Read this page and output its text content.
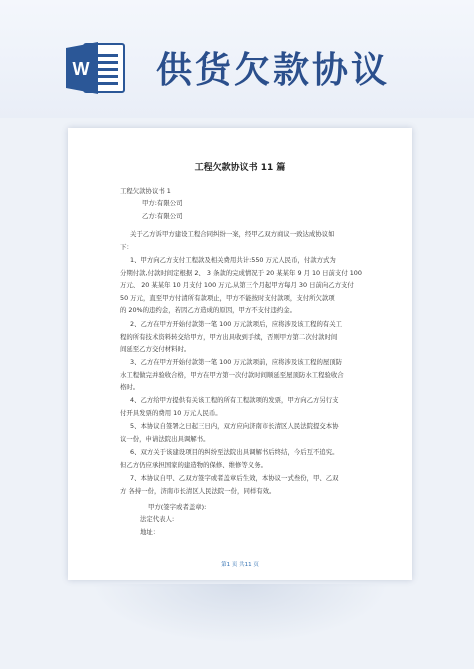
W 供货欠款协议
工程欠款协议书 11 篇
工程欠款协议书 1
甲方:有限公司
乙方:有限公司
关于乙方诉甲方建设工程合同纠纷一案，经甲乙双方商议一致达成协议如
下：
1、甲方向乙方支付工程款及相关费用共计:550 万元人民币，付款方式为
分期付款,付款时间定根据 2、 3 条款的完成情况于 20 某某年 9 月 10 日前支付 100
万元、 20 某某年 10 月支付 100 万元,从第三个月起甲方每月 30 日前向乙方支付
50 万元，直至甲方付清所有款项止，甲方不能按时支付款项，支付所欠款项
的 20%的违约金，若因乙方造成的原因，甲方不支付违约金。
2、乙方在甲方开始付款第一笔 100 万元款项后，应将涉及该工程的有关工
程的所有技术资料转交给甲方，甲方出具收到手续，否则甲方第二次付款时间
间延至乙方交付材料时。
3、乙方在甲方开始付款第一笔 100 万元款项前，应将涉及该工程的屋顶防
水工程做完并验收合格，甲方在甲方第一次付款时间顺延至屋顶防水工程验收合
格时。
4、乙方给甲方提供有关该工程的所有工程款项的发票，甲方向乙方另行支
付开具发票的费用 10 万元人民币。
5、本协议自签署之日起三日内，双方应向济南市长清区人民法院提交本协
议一份，申请法院出具调解书。
6、双方关于该建设项目的纠纷至法院出具调解书后终结，今后互不追究。
但乙方仍应承担国家的建造物的保修、维修等义务。
7、本协议自甲、乙双方签字或者盖章后生效，本协议一式叁份，甲、乙双
方 各持一份，济南市长清区人民法院一份，同样有效。
甲方(签字或者盖章):
法定代表人:
地址：
第1 页 共11 页
